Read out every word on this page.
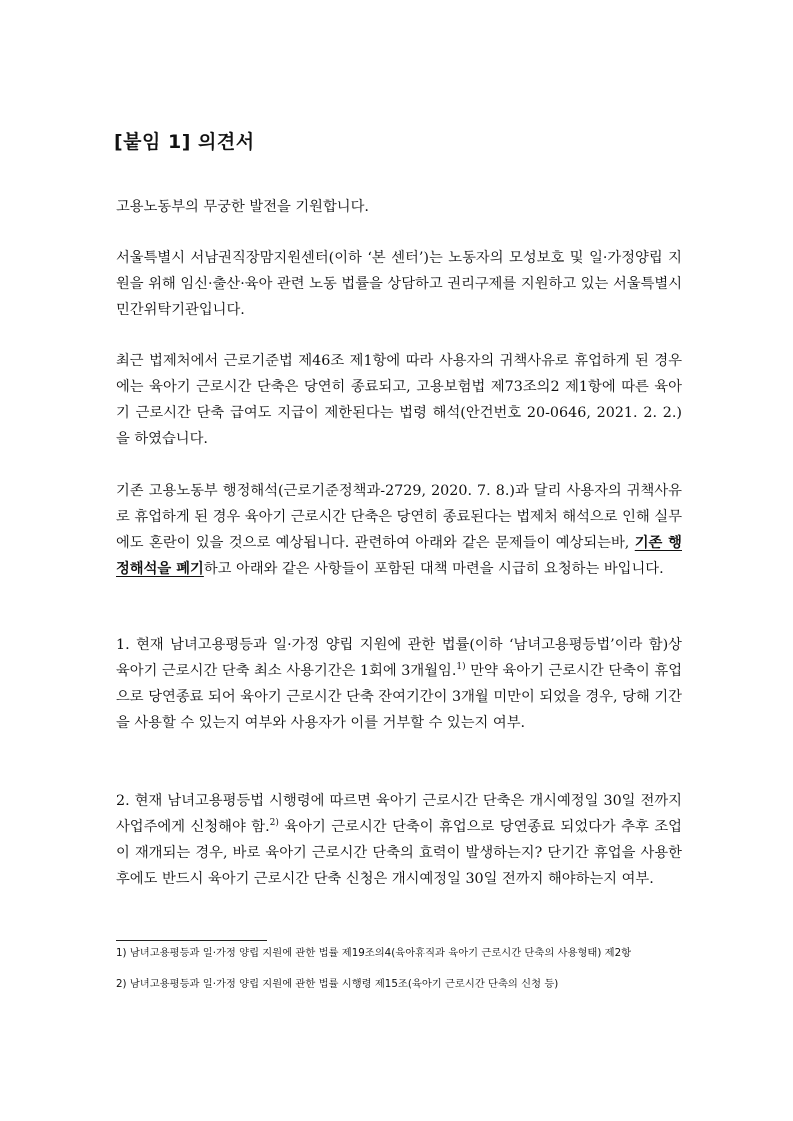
[붙임 1] 의견서

고용노동부의 무궁한 발전을 기원합니다.

서울특별시 서남권직장맘지원센터(이하 ‘본 센터’)는 노동자의 모성보호 및 일·가정양립 지원을 위해 임신·출산·육아 관련 노동 법률을 상담하고 권리구제를 지원하고 있는 서울특별시 민간위탁기관입니다.

최근 법제처에서 근로기준법 제46조 제1항에 따라 사용자의 귀책사유로 휴업하게 된 경우에는 육아기 근로시간 단축은 당연히 종료되고, 고용보험법 제73조의2 제1항에 따른 육아기 근로시간 단축 급여도 지급이 제한된다는 법령 해석(안건번호 20-0646, 2021. 2. 2.)을 하였습니다.

기존 고용노동부 행정해석(근로기준정책과-2729, 2020. 7. 8.)과 달리 사용자의 귀책사유로 휴업하게 된 경우 육아기 근로시간 단축은 당연히 종료된다는 법제처 해석으로 인해 실무에도 혼란이 있을 것으로 예상됩니다. 관련하여 아래와 같은 문제들이 예상되는바, 기존 행정해석을 폐기하고 아래와 같은 사항들이 포함된 대책 마련을 시급히 요청하는 바입니다.

1. 현재 남녀고용평등과 일·가정 양립 지원에 관한 법률(이하 ‘남녀고용평등법’이라 함)상 육아기 근로시간 단축 최소 사용기간은 1회에 3개월임.$^{1)}$ 만약 육아기 근로시간 단축이 휴업으로 당연종료 되어 육아기 근로시간 단축 잔여기간이 3개월 미만이 되었을 경우, 당해 기간을 사용할 수 있는지 여부와 사용자가 이를 거부할 수 있는지 여부.

2. 현재 남녀고용평등법 시행령에 따르면 육아기 근로시간 단축은 개시예정일 30일 전까지 사업주에게 신청해야 함.$^{2)}$ 육아기 근로시간 단축이 휴업으로 당연종료 되었다가 추후 조업이 재개되는 경우, 바로 육아기 근로시간 단축의 효력이 발생하는지? 단기간 휴업을 사용한 후에도 반드시 육아기 근로시간 단축 신청은 개시예정일 30일 전까지 해야하는지 여부.

1) 남녀고용평등과 일·가정 양립 지원에 관한 법률 제19조의4(육아휴직과 육아기 근로시간 단축의 사용형태) 제2항

2) 남녀고용평등과 일·가정 양립 지원에 관한 법률 시행령 제15조(육아기 근로시간 단축의 신청 등)
